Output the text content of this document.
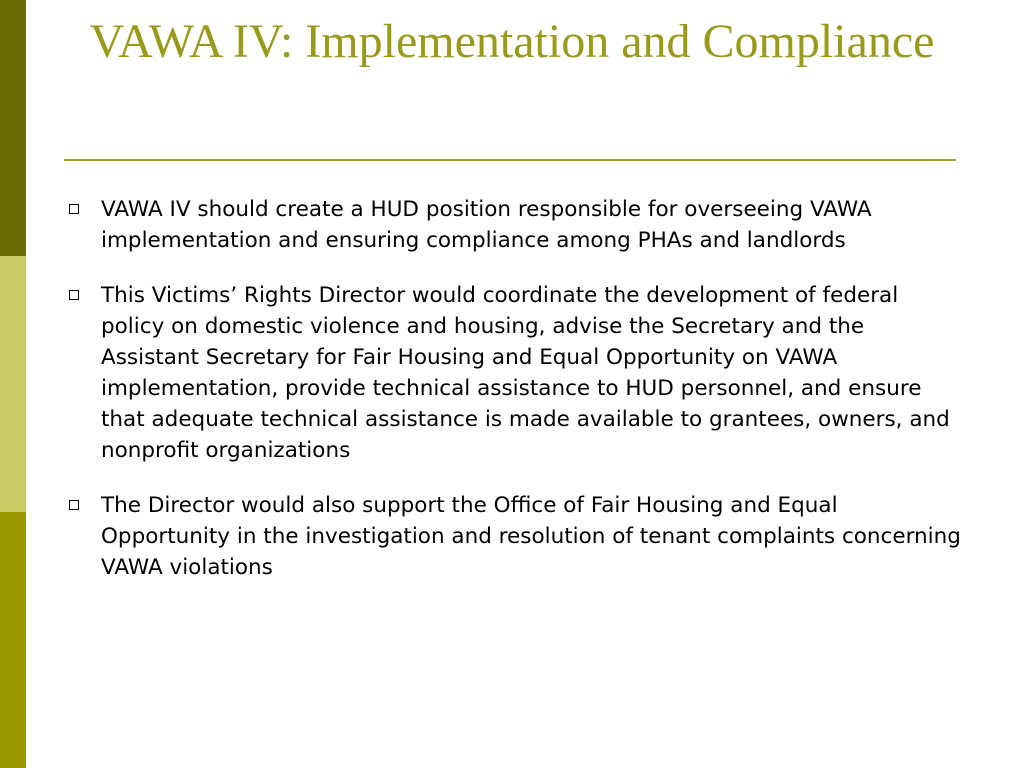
VAWA IV: Implementation and Compliance
VAWA IV should create a HUD position responsible for overseeing VAWA implementation and ensuring compliance among PHAs and landlords
This Victims’ Rights Director would coordinate the development of federal policy on domestic violence and housing, advise the Secretary and the Assistant Secretary for Fair Housing and Equal Opportunity on VAWA implementation, provide technical assistance to HUD personnel, and ensure that adequate technical assistance is made available to grantees, owners, and nonprofit organizations
The Director would also support the Office of Fair Housing and Equal Opportunity in the investigation and resolution of tenant complaints concerning VAWA violations
